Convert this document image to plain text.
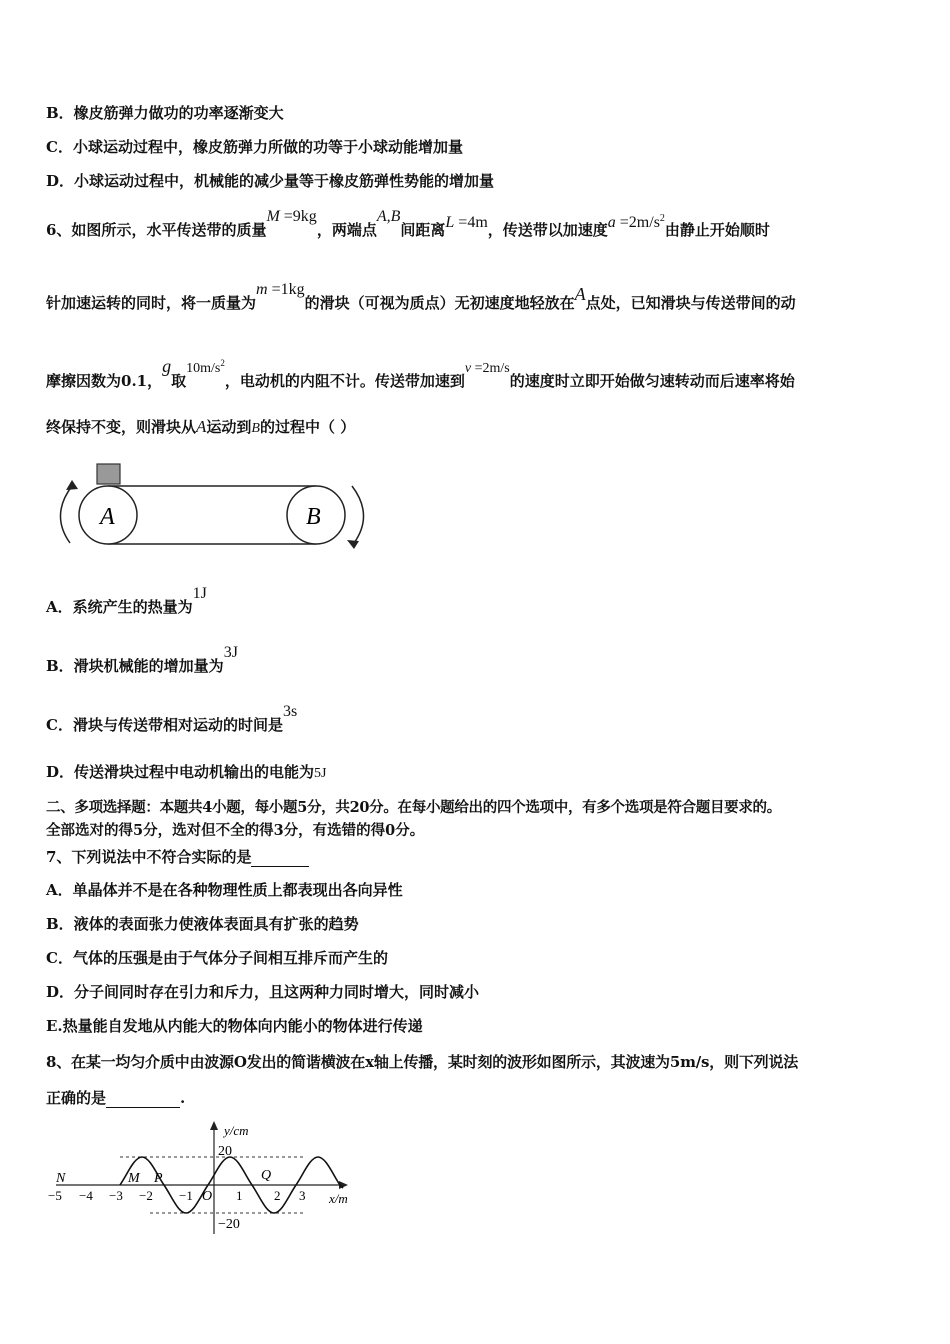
B．橡皮筋弹力做功的功率逐渐变大
C．小球运动过程中，橡皮筋弹力所做的功等于小球动能增加量
D．小球运动过程中，机械能的减少量等于橡皮筋弹性势能的增加量
6、如图所示，水平传送带的质量M =9kg，两端点A,B间距离L =4m，传送带以加速度$a =2m/s^2$由静止开始顺时
针加速运转的同时，将一质量为m =1kg的滑块（可视为质点）无初速度地轻放在A点处，已知滑块与传送带间的动
摩擦因数为0.1，g取$10m/s^2$，电动机的内阻不计。传送带加速到v =2m/s的速度时立即开始做匀速转动而后速率将始
终保持不变，则滑块从A运动到B的过程中（ ）
A	B
A．系统产生的热量为1J
B．滑块机械能的增加量为3J
C．滑块与传送带相对运动的时间是3s
D．传送滑块过程中电动机输出的电能为5J
二、多项选择题：本题共4小题，每小题5分，共20分。在每小题给出的四个选项中，有多个选项是符合题目要求的。
全部选对的得5分，选对但不全的得3分，有选错的得0分。
7、下列说法中不符合实际的是
A．单晶体并不是在各种物理性质上都表现出各向异性
B．液体的表面张力使液体表面具有扩张的趋势
C．气体的压强是由于气体分子间相互排斥而产生的
D．分子间同时存在引力和斥力，且这两种力同时增大，同时减小
E.热量能自发地从内能大的物体向内能小的物体进行传递
8、在某一均匀介质中由波源O发出的简谐横波在x轴上传播，某时刻的波形如图所示，其波速为5m/s，则下列说法
正确的是	.
y/cm
x/m
20
−20
O
−5 −4 −3 −2 −1	1 2 3
N	M P	Q
